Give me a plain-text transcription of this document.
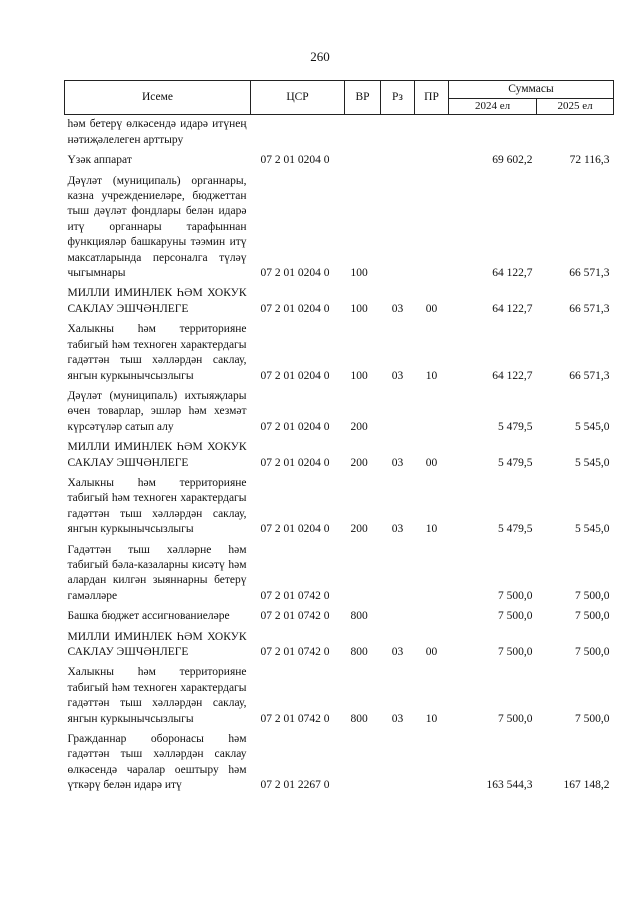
260
Исеме	ЦСР	ВР	Рз	ПР	Суммасы	
					2024 ел	2025 ел
һәм бетерү өлкәсендә идарә итүнең нәтиҗәлелеген арттыру						
Үзәк аппарат	07 2 01 0204 0				69 602,2	72 116,3
Дәүләт (муниципаль) органнары, казна учреждениеләре, бюджеттан тыш дәүләт фондлары белән идарә итү органнары тарафыннан функцияләр башкаруны тәэмин итү максатларында персоналга түләү чыгымнары	07 2 01 0204 0	100			64 122,7	66 571,3
МИЛЛИ ИМИНЛЕК ҺӘМ ХОКУК САКЛАУ ЭШЧӘНЛЕГЕ	07 2 01 0204 0	100	03	00	64 122,7	66 571,3
Халыкны һәм территорияне табигый һәм техноген характердагы гадәттән тыш хәлләрдән саклау, янгын куркынычсызлыгы	07 2 01 0204 0	100	03	10	64 122,7	66 571,3
Дәүләт (муниципаль) ихтыяҗлары өчен товарлар, эшләр һәм хезмәт күрсәтүләр сатып алу	07 2 01 0204 0	200			5 479,5	5 545,0
МИЛЛИ ИМИНЛЕК ҺӘМ ХОКУК САКЛАУ ЭШЧӘНЛЕГЕ	07 2 01 0204 0	200	03	00	5 479,5	5 545,0
Халыкны һәм территорияне табигый һәм техноген характердагы гадәттән тыш хәлләрдән саклау, янгын куркынычсызлыгы	07 2 01 0204 0	200	03	10	5 479,5	5 545,0
Гадәттән тыш хәлләрне һәм табигый бәла-казаларны кисәтү һәм алардан килгән зыяннарны бетерү гамәлләре	07 2 01 0742 0				7 500,0	7 500,0
Башка бюджет ассигнованиеләре	07 2 01 0742 0	800			7 500,0	7 500,0
МИЛЛИ ИМИНЛЕК ҺӘМ ХОКУК САКЛАУ ЭШЧӘНЛЕГЕ	07 2 01 0742 0	800	03	00	7 500,0	7 500,0
Халыкны һәм территорияне табигый һәм техноген характердагы гадәттән тыш хәлләрдән саклау, янгын куркынычсызлыгы	07 2 01 0742 0	800	03	10	7 500,0	7 500,0
Гражданнар оборонасы һәм гадәттән тыш хәлләрдән саклау өлкәсендә чаралар оештыру һәм үткәрү белән идарә итү	07 2 01 2267 0				163 544,3	167 148,2
